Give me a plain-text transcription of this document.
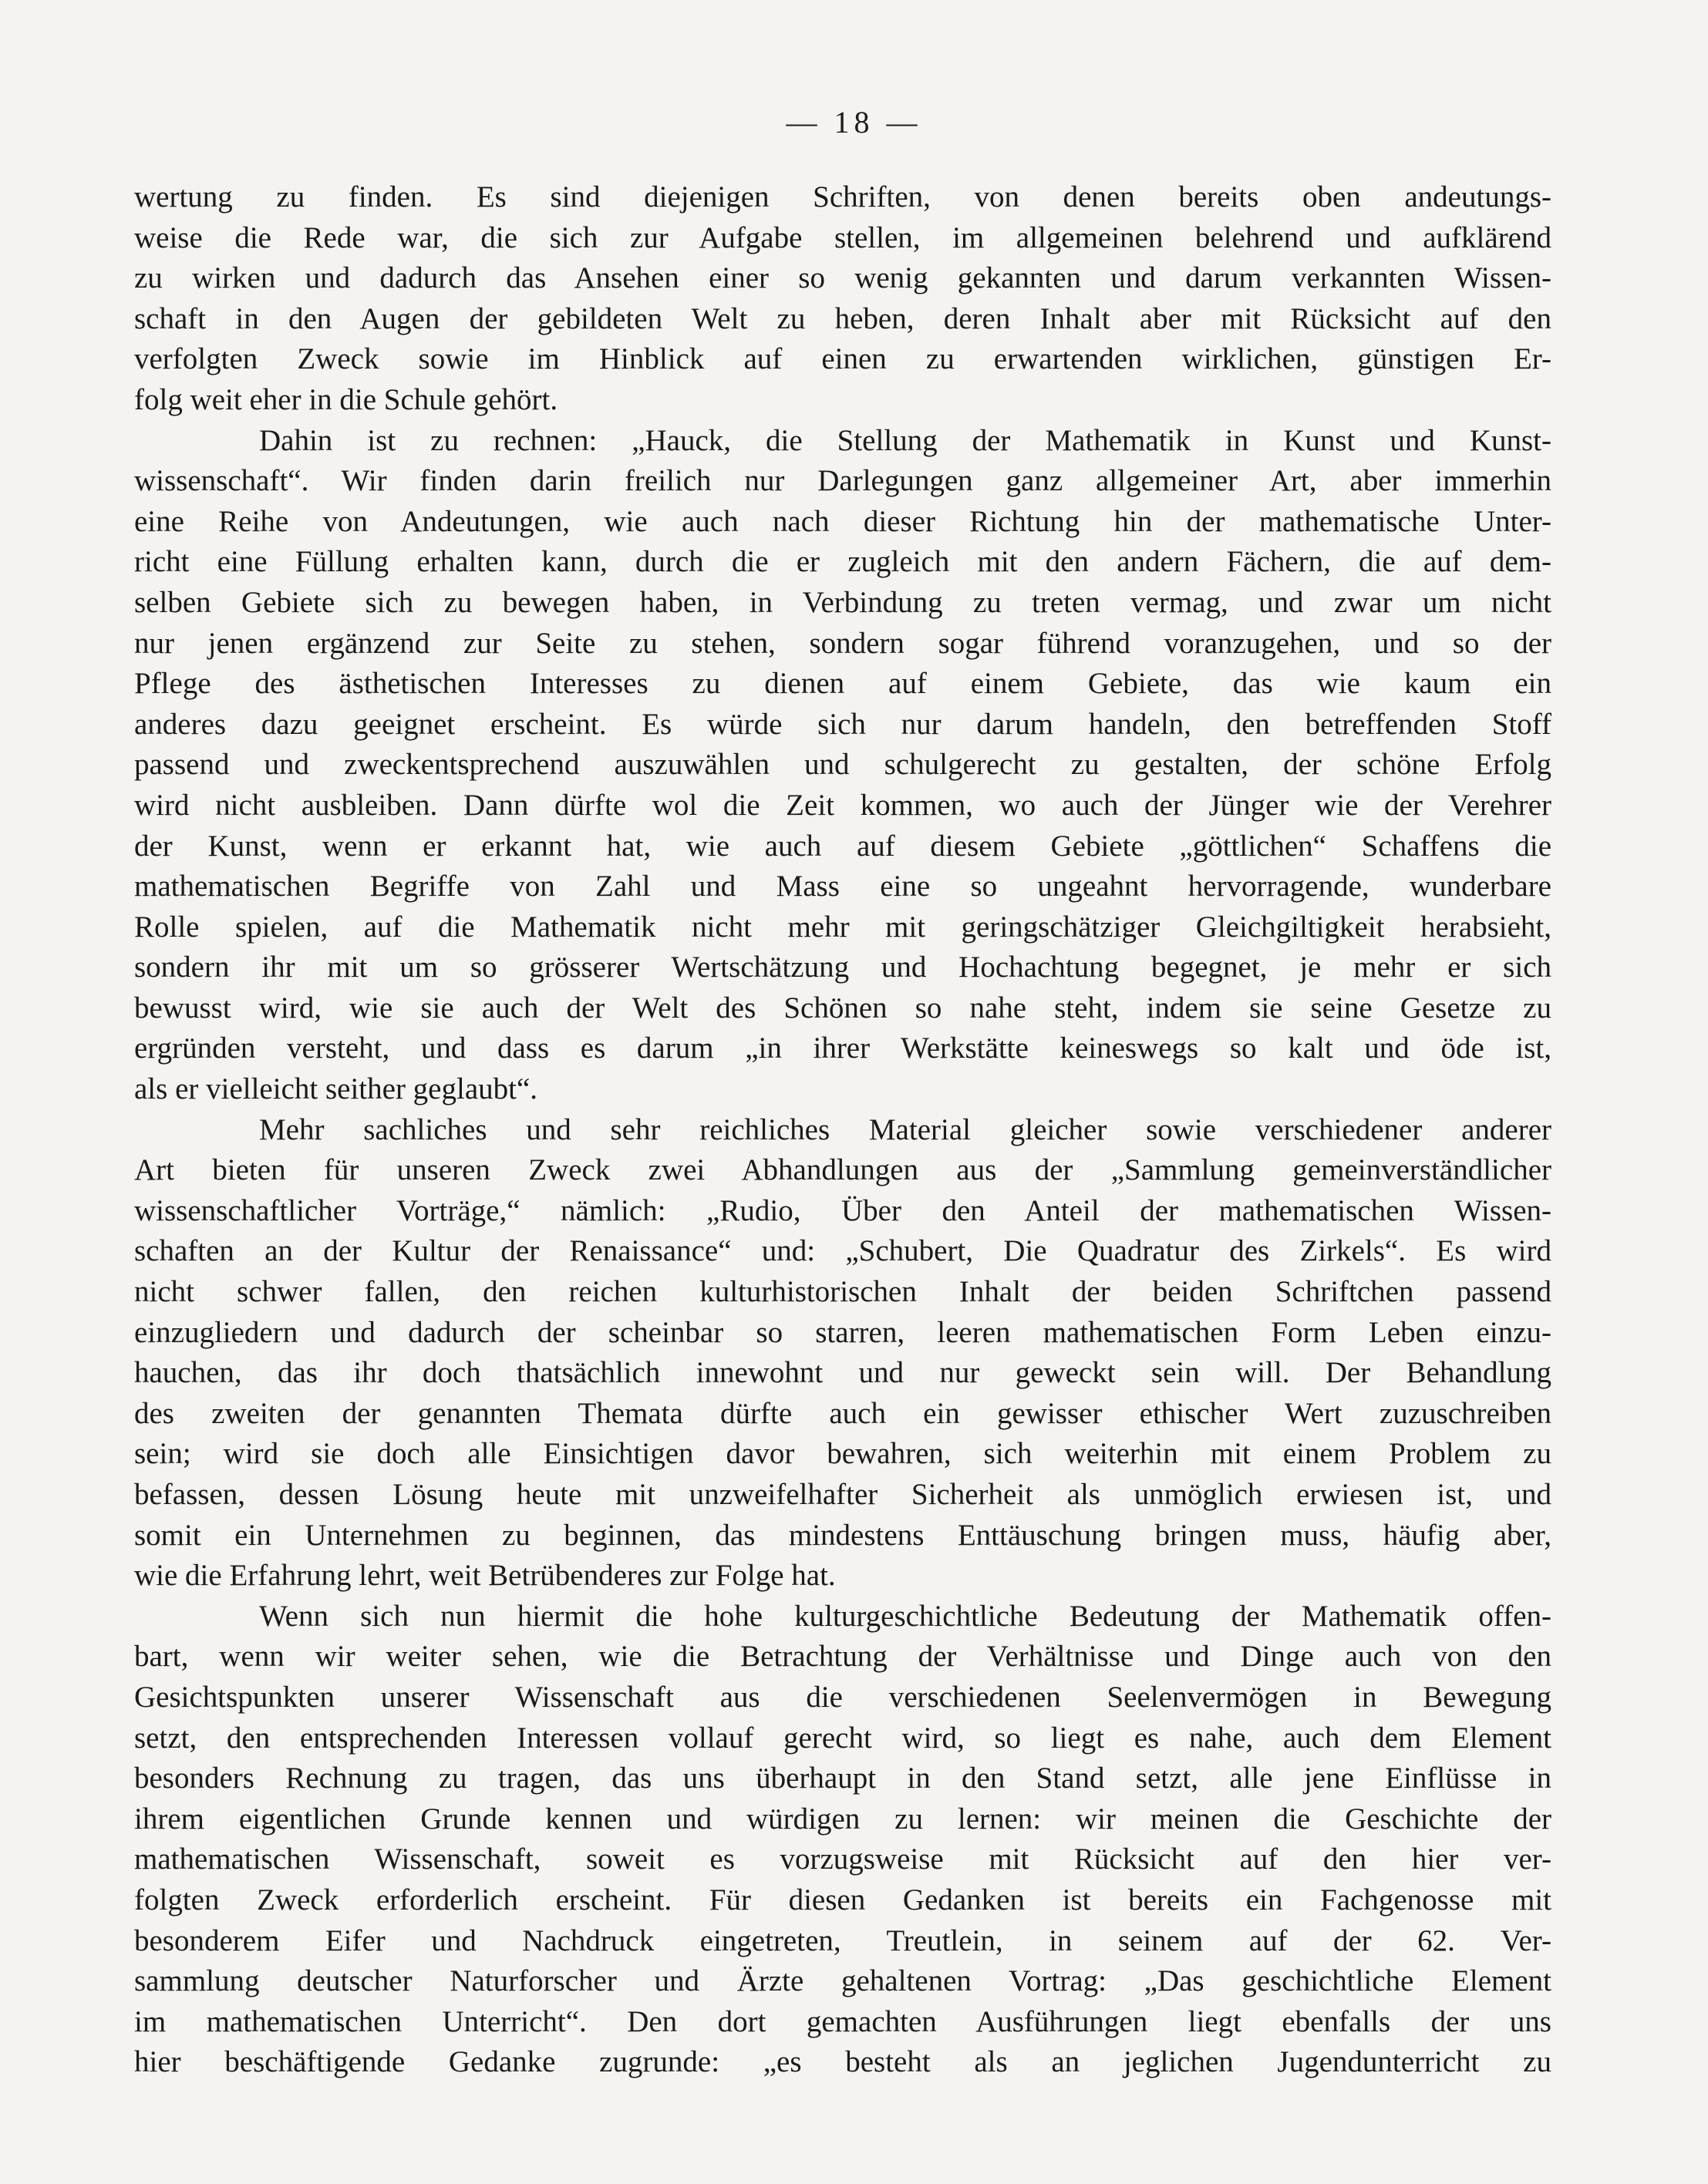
— 18 —

wertung zu finden. Es sind diejenigen Schriften, von denen bereits oben andeutungs-
weise die Rede war, die sich zur Aufgabe stellen, im allgemeinen belehrend und aufklärend
zu wirken und dadurch das Ansehen einer so wenig gekannten und darum verkannten Wissen-
schaft in den Augen der gebildeten Welt zu heben, deren Inhalt aber mit Rücksicht auf den
verfolgten Zweck sowie im Hinblick auf einen zu erwartenden wirklichen, günstigen Er-
folg weit eher in die Schule gehört.
Dahin ist zu rechnen: „Hauck, die Stellung der Mathematik in Kunst und Kunst-
wissenschaft“. Wir finden darin freilich nur Darlegungen ganz allgemeiner Art, aber immerhin
eine Reihe von Andeutungen, wie auch nach dieser Richtung hin der mathematische Unter-
richt eine Füllung erhalten kann, durch die er zugleich mit den andern Fächern, die auf dem-
selben Gebiete sich zu bewegen haben, in Verbindung zu treten vermag, und zwar um nicht
nur jenen ergänzend zur Seite zu stehen, sondern sogar führend voranzugehen, und so der
Pflege des ästhetischen Interesses zu dienen auf einem Gebiete, das wie kaum ein
anderes dazu geeignet erscheint. Es würde sich nur darum handeln, den betreffenden Stoff
passend und zweckentsprechend auszuwählen und schulgerecht zu gestalten, der schöne Erfolg
wird nicht ausbleiben. Dann dürfte wol die Zeit kommen, wo auch der Jünger wie der Verehrer
der Kunst, wenn er erkannt hat, wie auch auf diesem Gebiete „göttlichen“ Schaffens die
mathematischen Begriffe von Zahl und Mass eine so ungeahnt hervorragende, wunderbare
Rolle spielen, auf die Mathematik nicht mehr mit geringschätziger Gleichgiltigkeit herabsieht,
sondern ihr mit um so grösserer Wertschätzung und Hochachtung begegnet, je mehr er sich
bewusst wird, wie sie auch der Welt des Schönen so nahe steht, indem sie seine Gesetze zu
ergründen versteht, und dass es darum „in ihrer Werkstätte keineswegs so kalt und öde ist,
als er vielleicht seither geglaubt“.
Mehr sachliches und sehr reichliches Material gleicher sowie verschiedener anderer
Art bieten für unseren Zweck zwei Abhandlungen aus der „Sammlung gemeinverständlicher
wissenschaftlicher Vorträge,“ nämlich: „Rudio, Über den Anteil der mathematischen Wissen-
schaften an der Kultur der Renaissance“ und: „Schubert, Die Quadratur des Zirkels“. Es wird
nicht schwer fallen, den reichen kulturhistorischen Inhalt der beiden Schriftchen passend
einzugliedern und dadurch der scheinbar so starren, leeren mathematischen Form Leben einzu-
hauchen, das ihr doch thatsächlich innewohnt und nur geweckt sein will. Der Behandlung
des zweiten der genannten Themata dürfte auch ein gewisser ethischer Wert zuzuschreiben
sein; wird sie doch alle Einsichtigen davor bewahren, sich weiterhin mit einem Problem zu
befassen, dessen Lösung heute mit unzweifelhafter Sicherheit als unmöglich erwiesen ist, und
somit ein Unternehmen zu beginnen, das mindestens Enttäuschung bringen muss, häufig aber,
wie die Erfahrung lehrt, weit Betrübenderes zur Folge hat.
Wenn sich nun hiermit die hohe kulturgeschichtliche Bedeutung der Mathematik offen-
bart, wenn wir weiter sehen, wie die Betrachtung der Verhältnisse und Dinge auch von den
Gesichtspunkten unserer Wissenschaft aus die verschiedenen Seelenvermögen in Bewegung
setzt, den entsprechenden Interessen vollauf gerecht wird, so liegt es nahe, auch dem Element
besonders Rechnung zu tragen, das uns überhaupt in den Stand setzt, alle jene Einflüsse in
ihrem eigentlichen Grunde kennen und würdigen zu lernen: wir meinen die Geschichte der
mathematischen Wissenschaft, soweit es vorzugsweise mit Rücksicht auf den hier ver-
folgten Zweck erforderlich erscheint. Für diesen Gedanken ist bereits ein Fachgenosse mit
besonderem Eifer und Nachdruck eingetreten, Treutlein, in seinem auf der 62. Ver-
sammlung deutscher Naturforscher und Ärzte gehaltenen Vortrag: „Das geschichtliche Element
im mathematischen Unterricht“. Den dort gemachten Ausführungen liegt ebenfalls der uns
hier beschäftigende Gedanke zugrunde: „es besteht als an jeglichen Jugendunterricht zu
